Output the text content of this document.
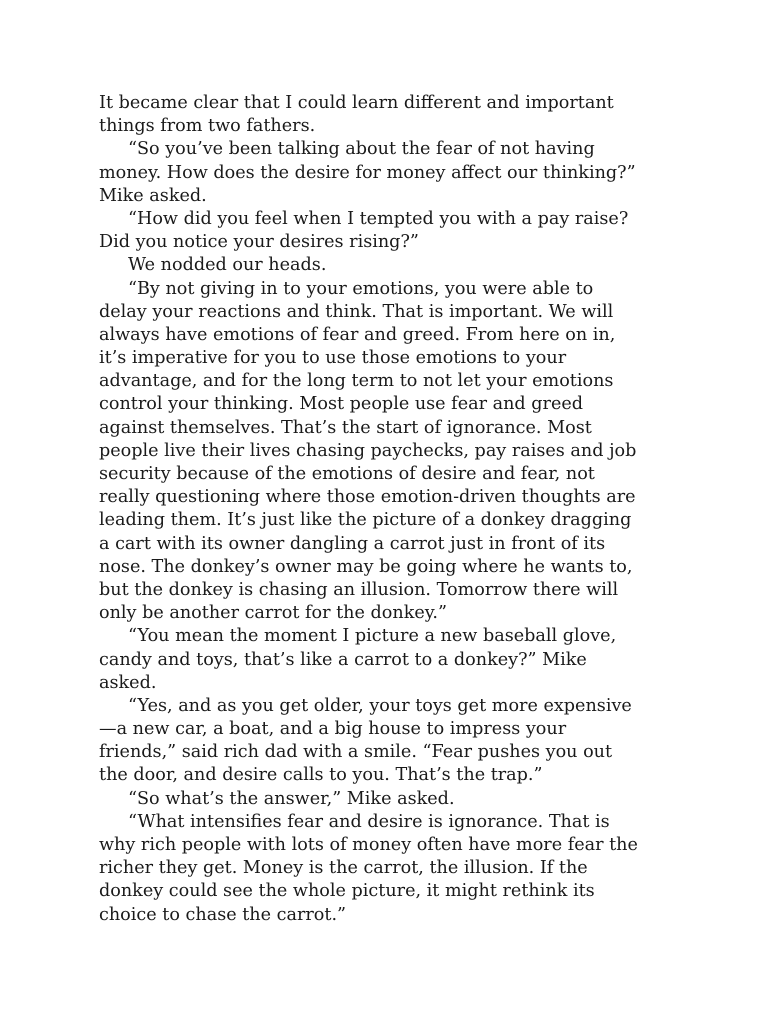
It became clear that I could learn different and important
things from two fathers.
“So you’ve been talking about the fear of not having
money. How does the desire for money affect our thinking?”
Mike asked.
“How did you feel when I tempted you with a pay raise?
Did you notice your desires rising?”
We nodded our heads.
“By not giving in to your emotions, you were able to
delay your reactions and think. That is important. We will
always have emotions of fear and greed. From here on in,
it’s imperative for you to use those emotions to your
advantage, and for the long term to not let your emotions
control your thinking. Most people use fear and greed
against themselves. That’s the start of ignorance. Most
people live their lives chasing paychecks, pay raises and job
security because of the emotions of desire and fear, not
really questioning where those emotion-driven thoughts are
leading them. It’s just like the picture of a donkey dragging
a cart with its owner dangling a carrot just in front of its
nose. The donkey’s owner may be going where he wants to,
but the donkey is chasing an illusion. Tomorrow there will
only be another carrot for the donkey.”
“You mean the moment I picture a new baseball glove,
candy and toys, that’s like a carrot to a donkey?” Mike
asked.
“Yes, and as you get older, your toys get more expensive
—a new car, a boat, and a big house to impress your
friends,” said rich dad with a smile. “Fear pushes you out
the door, and desire calls to you. That’s the trap.”
“So what’s the answer,” Mike asked.
“What intensifies fear and desire is ignorance. That is
why rich people with lots of money often have more fear the
richer they get. Money is the carrot, the illusion. If the
donkey could see the whole picture, it might rethink its
choice to chase the carrot.”
